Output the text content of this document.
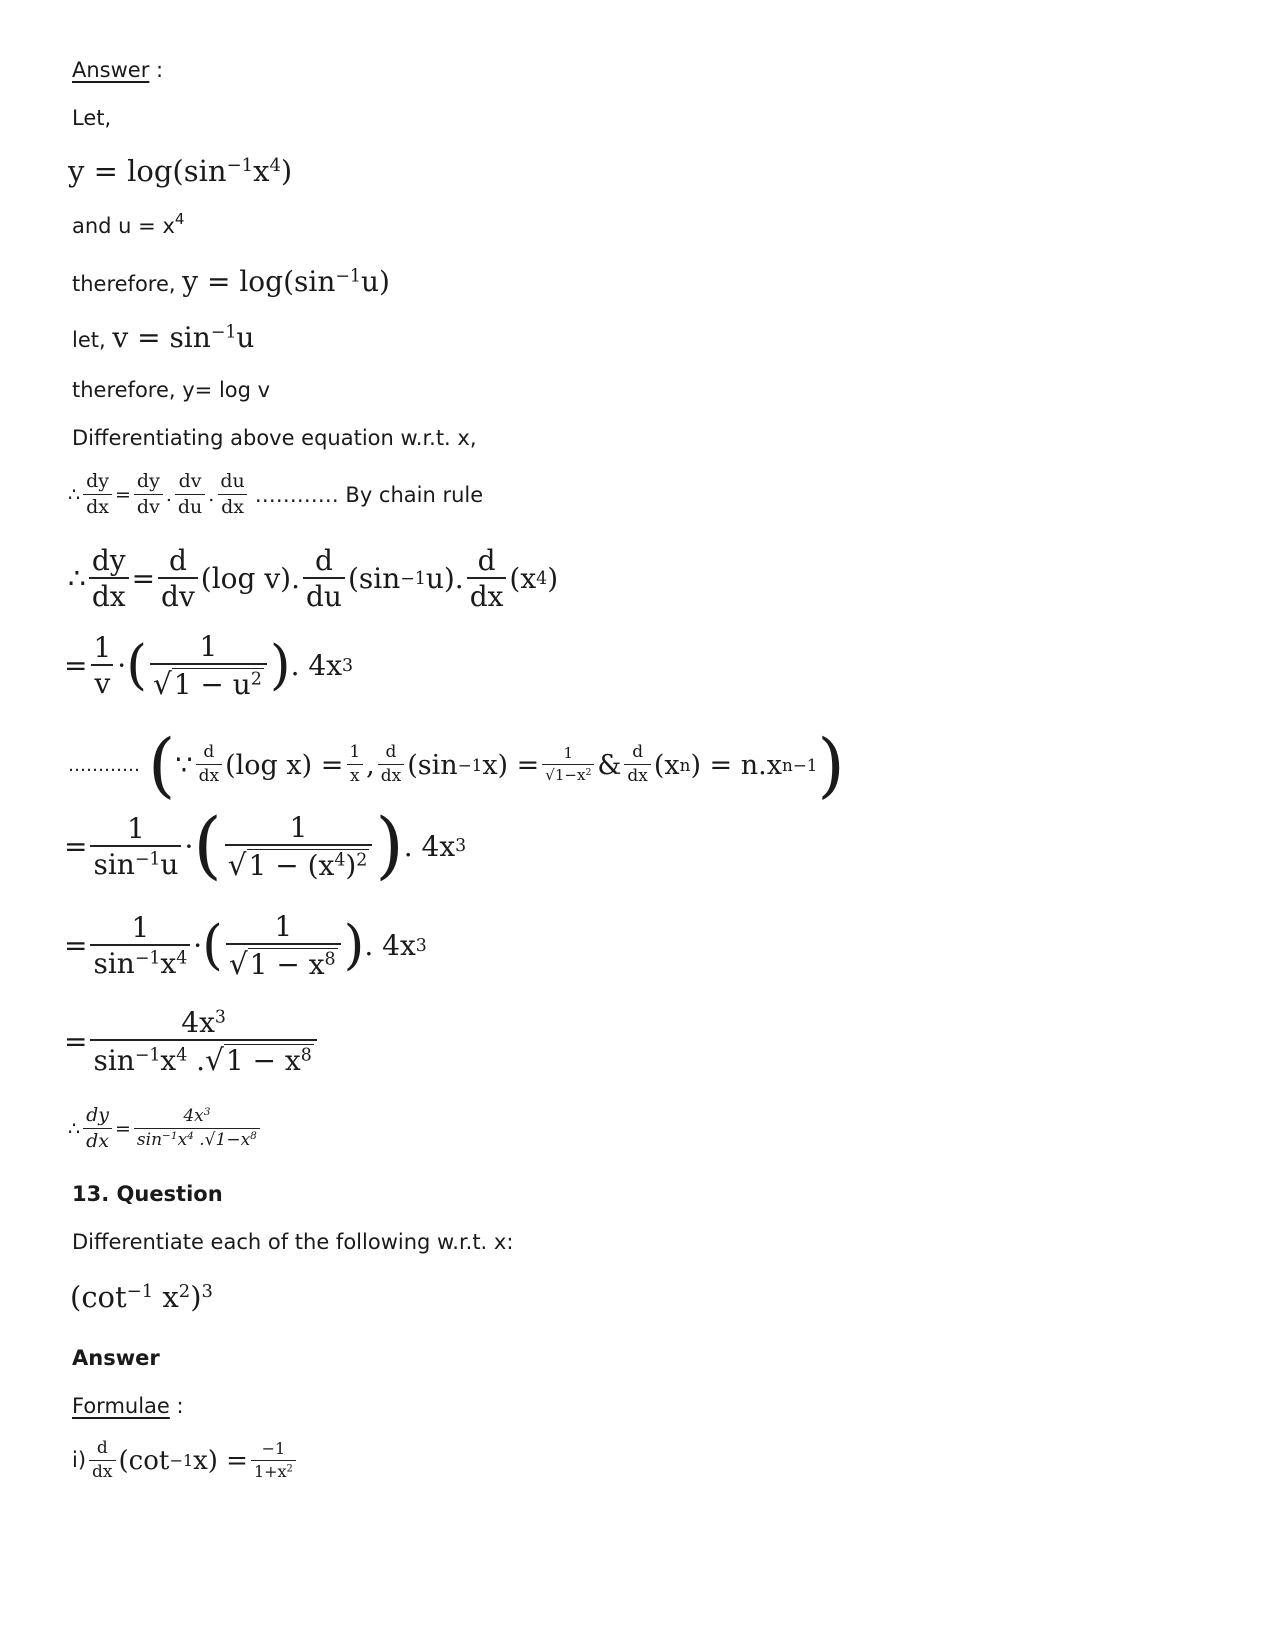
Answer :
Let,
$y = \log(\sin^{-1}x^4)$
and $u = x^4$
therefore, $y = \log(\sin^{-1}u)$
let, $v = \sin^{-1}u$
therefore, y= log v
Differentiating above equation w.r.t. x,
∴ $\frac{dy}{dx} = \frac{dy}{dv}$ . $\frac{dv}{du}$ . $\frac{du}{dx}$ ………… By chain rule
∴ $\frac{dy}{dx} = \frac{d}{dv} (\log$ v). $\frac{d}{du} (\sin -1$ u). $\frac{d}{dx} (x$ 4 )
= $\frac{1}{v}$ · ( $\frac{1}{√ 1 - u^2}$ ) . 4x 3
………… ( ∵ $\frac{d}{dx} (\log$ $x) = \frac{1}{x}$ , $\frac{d}{dx} (\sin -1$ $x) = \frac{1}{√1-x^2}$ & $\frac{d}{dx} (x$ n ) = n.x n−1 )
= $\frac{1}{\sin^{-1}u}$ · ( $\frac{1}{√ 1 - (x^4)^2}$ ) . 4x 3
= $\frac{1}{\sin^{-1}x^4}$ · ( $\frac{1}{√ 1 - x^8}$ ) . 4x 3
= $\frac{4x^3}{\sin^{-1}x^4 . √ 1 - x^8}$
∴ $\frac{dy}{dx} = \frac{4x^3}{\sin^{-1}x^4 .√1-x^8}$
13. Question
Differentiate each of the following w.r.t. x:
($\cot^{-1}$ $x^2)^3$
Answer
Formulae :
$i) \frac{d}{dx} (\cot -1$ $x) = \frac{-1}{1+x^2}$
